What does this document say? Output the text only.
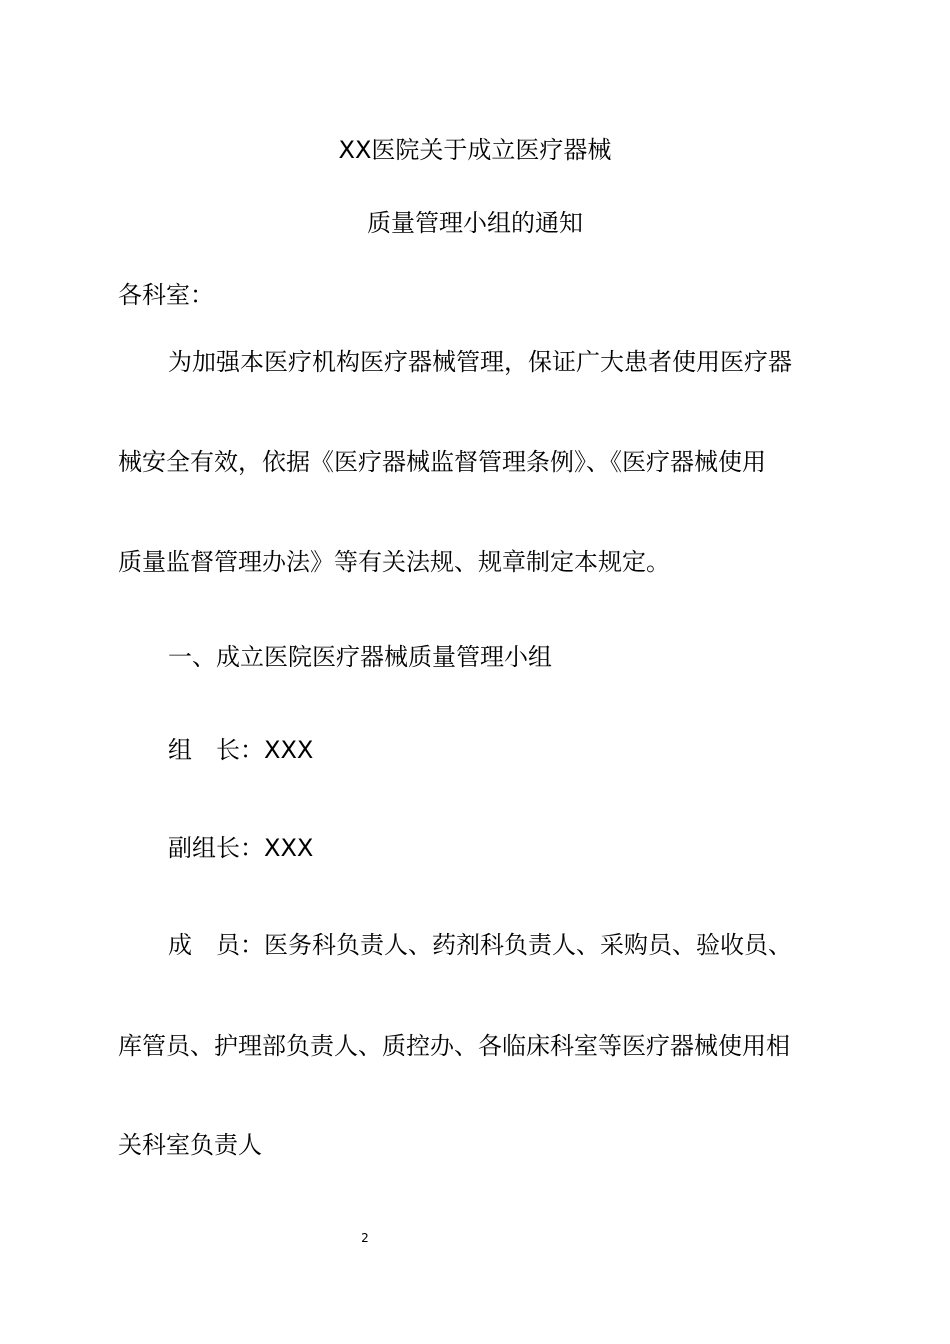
XX医院关于成立医疗器械
质量管理小组的通知
各科室：
为加强本医疗机构医疗器械管理，保证广大患者使用医疗器
械安全有效，依据《医疗器械监督管理条例》、《医疗器械使用
质量监督管理办法》等有关法规、规章制定本规定。
一、成立医院医疗器械质量管理小组
组　长：XXX
副组长：XXX
成　员：医务科负责人、药剂科负责人、采购员、验收员、
库管员、护理部负责人、质控办、各临床科室等医疗器械使用相
关科室负责人
2
